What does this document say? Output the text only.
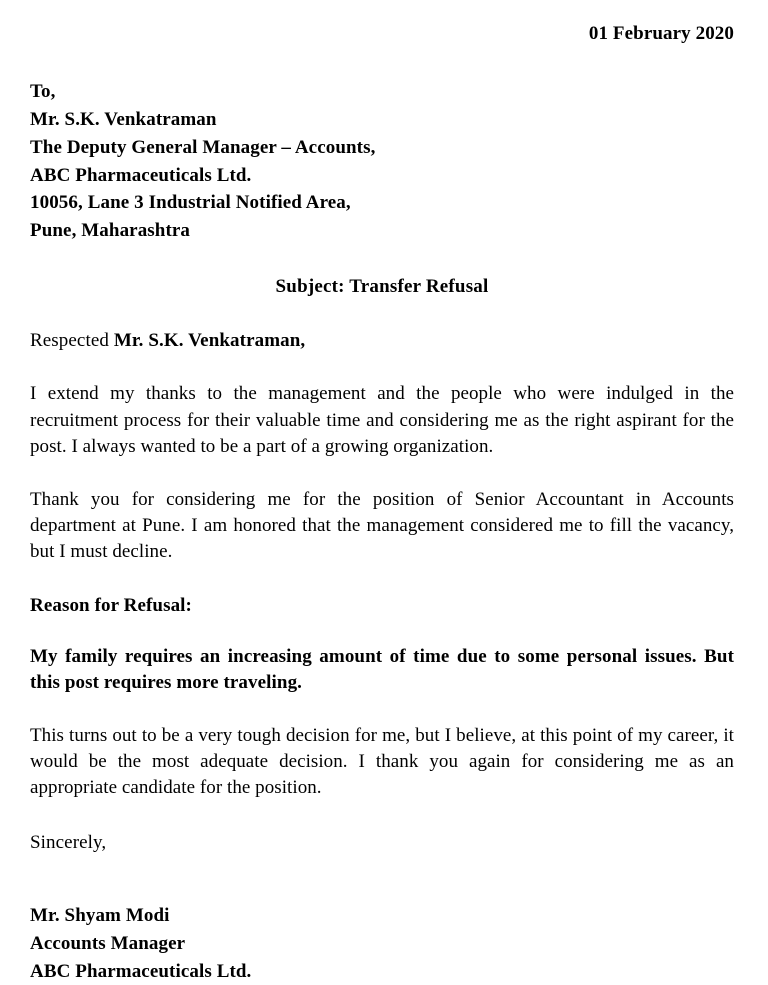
01 February 2020
To,
Mr. S.K. Venkatraman
The Deputy General Manager – Accounts,
ABC Pharmaceuticals Ltd.
10056, Lane 3 Industrial Notified Area,
Pune, Maharashtra
Subject: Transfer Refusal
Respected Mr. S.K. Venkatraman,
I extend my thanks to the management and the people who were indulged in the recruitment process for their valuable time and considering me as the right aspirant for the post. I always wanted to be a part of a growing organization.
Thank you for considering me for the position of Senior Accountant in Accounts department at Pune. I am honored that the management considered me to fill the vacancy, but I must decline.
Reason for Refusal:
My family requires an increasing amount of time due to some personal issues. But this post requires more traveling.
This turns out to be a very tough decision for me, but I believe, at this point of my career, it would be the most adequate decision. I thank you again for considering me as an appropriate candidate for the position.
Sincerely,
Mr. Shyam Modi
Accounts Manager
ABC Pharmaceuticals Ltd.
